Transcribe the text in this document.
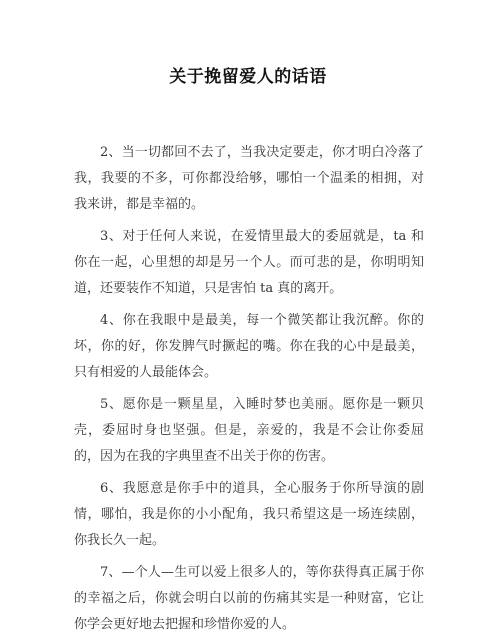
关于挽留爱人的话语

2、当一切都回不去了，当我决定要走，你才明白冷落了我，我要的不多，可你都没给够，哪怕一个温柔的相拥，对我来讲，都是幸福的。

3、对于任何人来说，在爱情里最大的委屈就是，ta 和你在一起，心里想的却是另一个人。而可悲的是，你明明知道，还要装作不知道，只是害怕 ta 真的离开。

4、你在我眼中是最美，每一个微笑都让我沉醉。你的坏，你的好，你发脾气时撅起的嘴。你在我的心中是最美，只有相爱的人最能体会。

5、愿你是一颗星星，入睡时梦也美丽。愿你是一颗贝壳，委屈时身也坚强。但是，亲爱的，我是不会让你委屈的，因为在我的字典里查不出关于你的伤害。

6、我愿意是你手中的道具，全心服务于你所导演的剧情，哪怕，我是你的小小配角，我只希望这是一场连续剧，你我长久一起。

7、—个人—生可以爱上很多人的，等你获得真正属于你的幸福之后，你就会明白以前的伤痛其实是一种财富，它让你学会更好地去把握和珍惜你爱的人。
